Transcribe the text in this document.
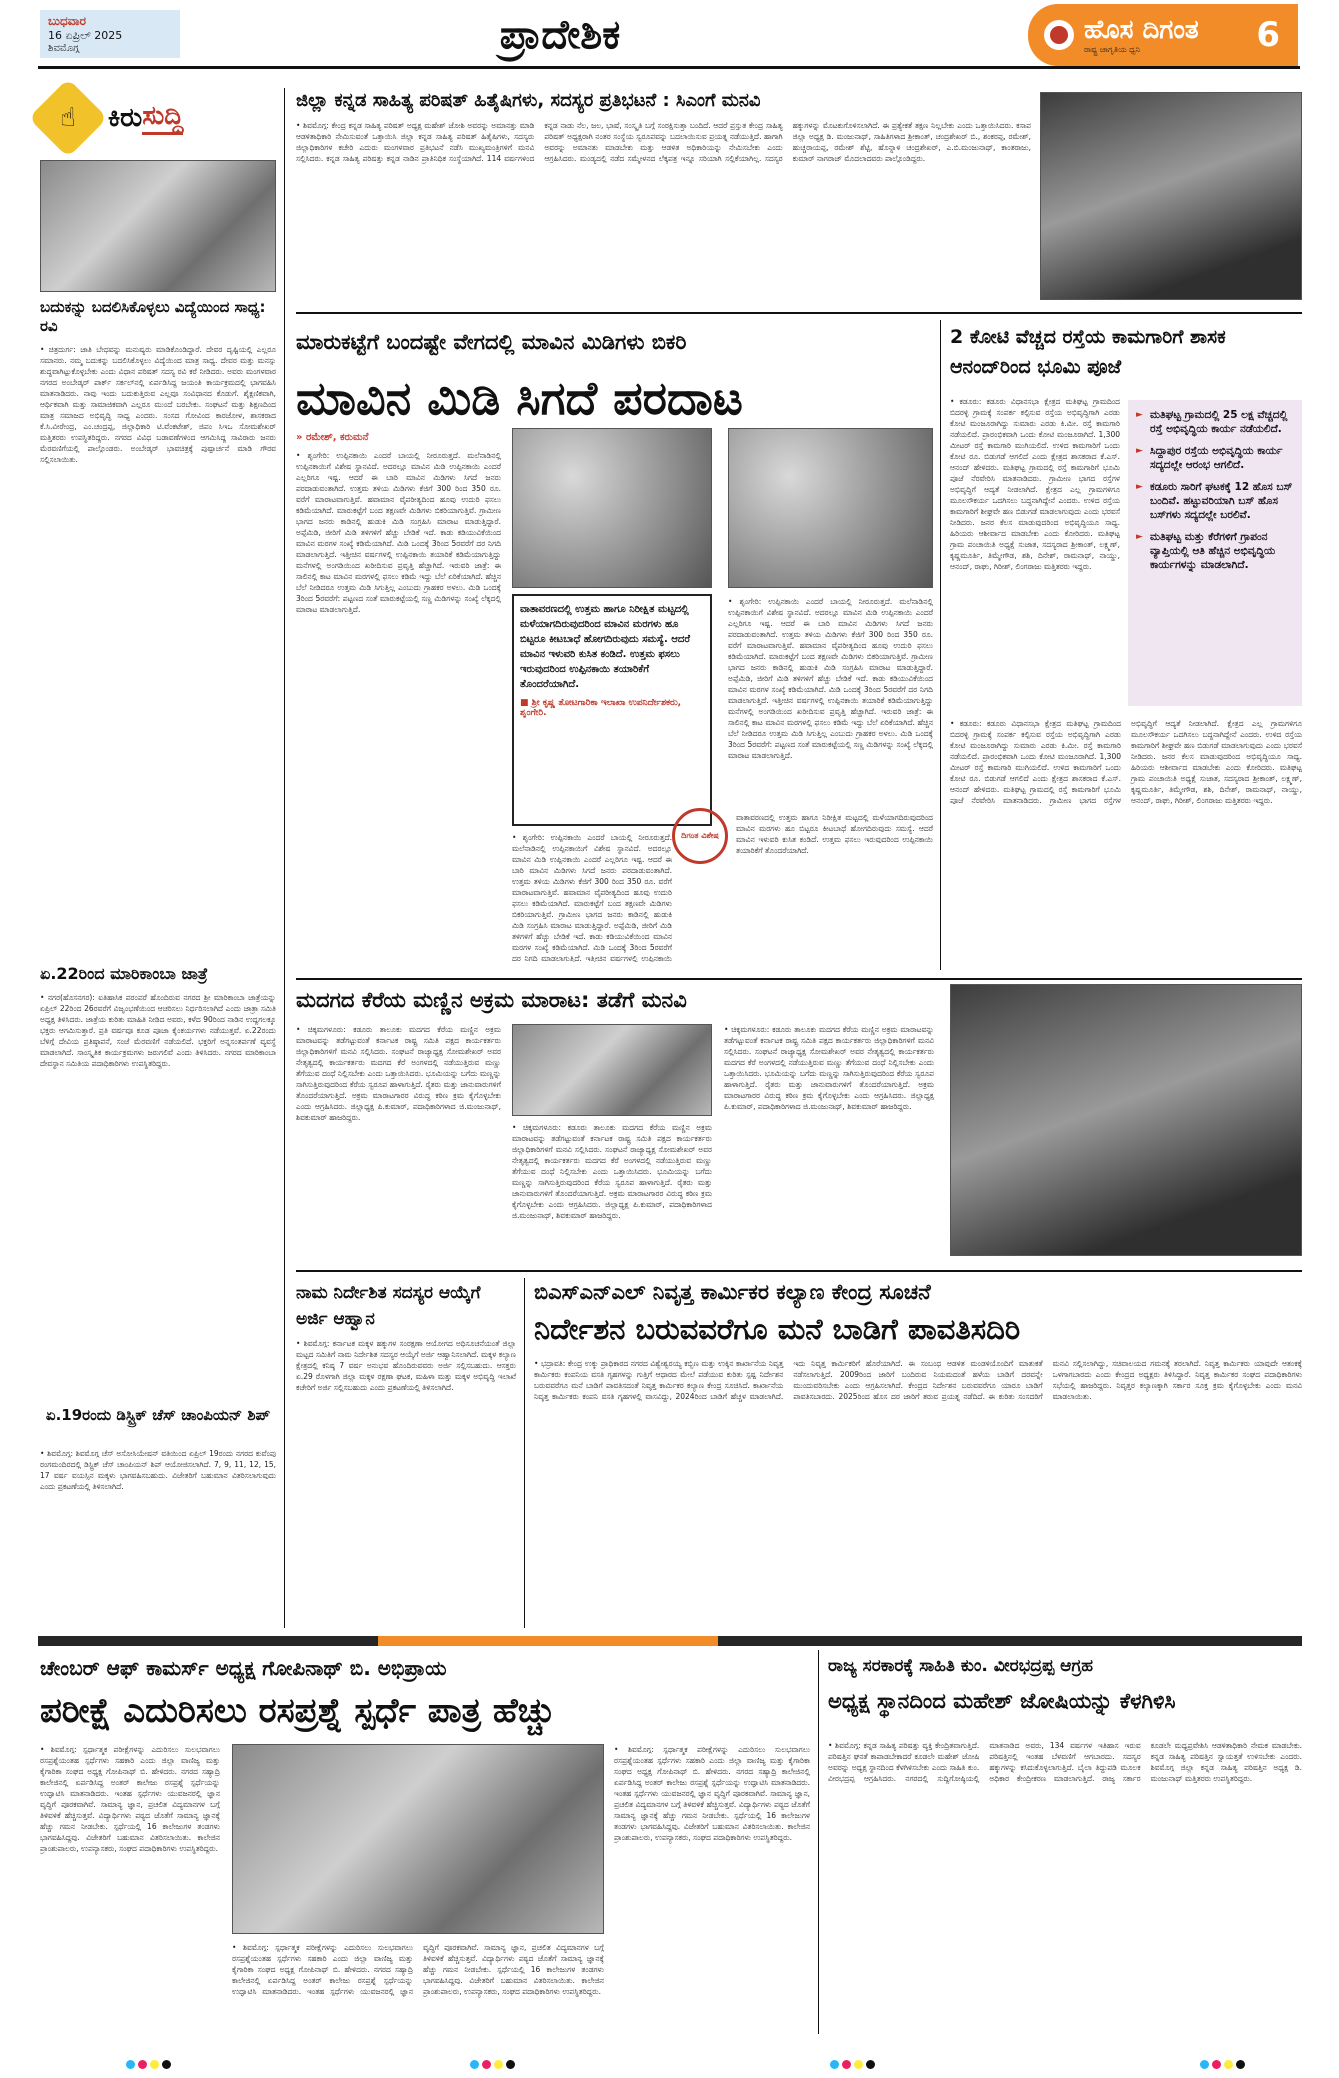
ಬುಧವಾರ
16 ಏಪ್ರಿಲ್ 2025
ಶಿವಮೊಗ್ಗ	ಪ್ರಾದೇಶಿಕ	ಹೊಸ ದಿಗಂತ
ರಾಷ್ಟ್ರ ಜಾಗೃತಿಯ ಧ್ವನಿ	6
☝ ಕಿರು ಸುದ್ದಿ
ಬದುಕನ್ನು ಬದಲಿಸಿಕೊಳ್ಳಲು ವಿದ್ಯೆಯಿಂದ ಸಾಧ್ಯ: ರವಿ
• ಚಿತ್ರದುರ್ಗ: ಜಾತಿ ಬೇಧವನ್ನು ಮನುಷ್ಯರು ಮಾಡಿಕೊಂಡಿದ್ದಾರೆ. ದೇವರ ದೃಷ್ಟಿಯಲ್ಲಿ ಎಲ್ಲರೂ ಸಮಾನರು. ನಮ್ಮ ಬದುಕನ್ನು ಬದಲಿಸಿಕೊಳ್ಳಲು ವಿದ್ಯೆಯಿಂದ ಮಾತ್ರ ಸಾಧ್ಯ. ದೇವರ ಮತ್ತು ಮನಸ್ಸು ಶುದ್ಧವಾಗಿಟ್ಟುಕೊಳ್ಳಬೇಕು ಎಂದು ವಿಧಾನ ಪರಿಷತ್ ಸದಸ್ಯ ರವಿ ಕರೆ ನೀಡಿದರು. ಅವರು ಮಂಗಳವಾರ ನಗರದ ಅಂಬೇಡ್ಕರ್ ಪಾರ್ಕ್ ಸರ್ಕಲ್‌ನಲ್ಲಿ ಏರ್ಪಡಿಸಿದ್ದ ಜಯಂತಿ ಕಾರ್ಯಕ್ರಮದಲ್ಲಿ ಭಾಗವಹಿಸಿ ಮಾತನಾಡಿದರು. ನಾವು ಇಂದು ಬದುಕುತ್ತಿರುವ ಎಲ್ಲವೂ ಸಂವಿಧಾನದ ಕೊಡುಗೆ. ಶೈಕ್ಷಣಿಕವಾಗಿ, ಆರ್ಥಿಕವಾಗಿ ಮತ್ತು ಸಾಮಾಜಿಕವಾಗಿ ಎಲ್ಲರೂ ಮುಂದೆ ಬರಬೇಕು. ಸಂಘಟನೆ ಮತ್ತು ಶಿಕ್ಷಣದಿಂದ ಮಾತ್ರ ಸಮಾಜದ ಅಭಿವೃದ್ಧಿ ಸಾಧ್ಯ ಎಂದರು. ಸಂಸದ ಗೋವಿಂದ ಕಾರಜೋಳ, ಶಾಸಕರಾದ ಕೆ.ಸಿ.ವೀರೇಂದ್ರ, ಎಂ.ಚಂದ್ರಪ್ಪ, ಜಿಲ್ಲಾಧಿಕಾರಿ ಟಿ.ವೆಂಕಟೇಶ್, ಜಿಪಂ ಸಿಇಒ ಸೋಮಶೇಖರ್ ಮತ್ತಿತರರು ಉಪಸ್ಥಿತರಿದ್ದರು. ನಗರದ ವಿವಿಧ ಬಡಾವಣೆಗಳಿಂದ ಆಗಮಿಸಿದ್ದ ಸಾವಿರಾರು ಜನರು ಮೆರವಣಿಗೆಯಲ್ಲಿ ಪಾಲ್ಗೊಂಡರು. ಅಂಬೇಡ್ಕರ್ ಭಾವಚಿತ್ರಕ್ಕೆ ಪುಷ್ಪಾರ್ಚನೆ ಮಾಡಿ ಗೌರವ ಸಲ್ಲಿಸಲಾಯಿತು.
ಏ.22ರಿಂದ ಮಾರಿಕಾಂಬಾ ಜಾತ್ರೆ
• ನಗರ(ಹೊಸನಗರ): ಐತಿಹಾಸಿಕ ಪರಂಪರೆ ಹೊಂದಿರುವ ನಗರದ ಶ್ರೀ ಮಾರಿಕಾಂಬಾ ಜಾತ್ರೆಯನ್ನು ಏಪ್ರಿಲ್ 22ರಿಂದ 26ರವರೆಗೆ ವಿಜೃಂಭಣೆಯಿಂದ ಆಚರಿಸಲು ನಿರ್ಧರಿಸಲಾಗಿದೆ ಎಂದು ಜಾತ್ರಾ ಸಮಿತಿ ಅಧ್ಯಕ್ಷ ತಿಳಿಸಿದರು. ಜಾತ್ರೆಯ ಕುರಿತು ಮಾಹಿತಿ ನೀಡಿದ ಅವರು, ಕಳೆದ 90ರಿಂದ ನಾಡಿನ ಉದ್ದಗಲಕ್ಕೂ ಭಕ್ತರು ಆಗಮಿಸುತ್ತಾರೆ. ಪ್ರತಿ ವರ್ಷವೂ ಕೂಡ ಪೂಜಾ ಕೈಂಕರ್ಯಗಳು ನಡೆಯುತ್ತವೆ. ಏ.22ರಂದು ಬೆಳಿಗ್ಗೆ ದೇವಿಯ ಪ್ರತಿಷ್ಠಾಪನೆ, ಸಂಜೆ ಮೆರವಣಿಗೆ ನಡೆಯಲಿದೆ. ಭಕ್ತರಿಗೆ ಅನ್ನಸಂತರ್ಪಣೆ ವ್ಯವಸ್ಥೆ ಮಾಡಲಾಗಿದೆ. ಸಾಂಸ್ಕೃತಿಕ ಕಾರ್ಯಕ್ರಮಗಳು ಜರುಗಲಿವೆ ಎಂದು ತಿಳಿಸಿದರು. ನಗರದ ಮಾರಿಕಾಂಬಾ ದೇವಸ್ಥಾನ ಸಮಿತಿಯ ಪದಾಧಿಕಾರಿಗಳು ಉಪಸ್ಥಿತರಿದ್ದರು.
ಏ.19ರಂದು ಡಿಸ್ಟ್ರಿಕ್ ಚೆಸ್ ಚಾಂಪಿಯನ್ ಶಿಪ್
• ಶಿವಮೊಗ್ಗ: ಶಿವಮೊಗ್ಗ ಚೆಸ್ ಅಸೋಸಿಯೇಷನ್ ವತಿಯಿಂದ ಏಪ್ರಿಲ್ 19ರಂದು ನಗರದ ಕುವೆಂಪು ರಂಗಮಂದಿರದಲ್ಲಿ ಡಿಸ್ಟ್ರಿಕ್ ಚೆಸ್ ಚಾಂಪಿಯನ್ ಶಿಪ್ ಆಯೋಜಿಸಲಾಗಿದೆ. 7, 9, 11, 12, 15, 17 ವರ್ಷ ವಯಸ್ಸಿನ ಮಕ್ಕಳು ಭಾಗವಹಿಸಬಹುದು. ವಿಜೇತರಿಗೆ ಬಹುಮಾನ ವಿತರಿಸಲಾಗುವುದು ಎಂದು ಪ್ರಕಟಣೆಯಲ್ಲಿ ತಿಳಿಸಲಾಗಿದೆ.
ಜಿಲ್ಲಾ ಕನ್ನಡ ಸಾಹಿತ್ಯ ಪರಿಷತ್ ಹಿತೈಷಿಗಳು, ಸದಸ್ಯರ ಪ್ರತಿಭಟನೆ : ಸಿಎಂಗೆ ಮನವಿ
• ಶಿವಮೊಗ್ಗ: ಕೇಂದ್ರ ಕನ್ನಡ ಸಾಹಿತ್ಯ ಪರಿಷತ್ ಅಧ್ಯಕ್ಷ ಮಹೇಶ್ ಜೋಶಿ ಅವರನ್ನು ಅಮಾನತ್ತು ಮಾಡಿ ಆಡಳಿತಾಧಿಕಾರಿ ನೇಮಿಸುವಂತೆ ಒತ್ತಾಯಿಸಿ ಜಿಲ್ಲಾ ಕನ್ನಡ ಸಾಹಿತ್ಯ ಪರಿಷತ್ ಹಿತೈಷಿಗಳು, ಸದಸ್ಯರು ಜಿಲ್ಲಾಧಿಕಾರಿಗಳ ಕಚೇರಿ ಎದುರು ಮಂಗಳವಾರ ಪ್ರತಿಭಟನೆ ನಡೆಸಿ ಮುಖ್ಯಮಂತ್ರಿಗಳಿಗೆ ಮನವಿ ಸಲ್ಲಿಸಿದರು. ಕನ್ನಡ ಸಾಹಿತ್ಯ ಪರಿಷತ್ತು ಕನ್ನಡ ನಾಡಿನ ಪ್ರಾತಿನಿಧಿಕ ಸಂಸ್ಥೆಯಾಗಿದೆ. 114 ವರ್ಷಗಳಿಂದ ಕನ್ನಡ ನಾಡು ನೆಲ, ಜಲ, ಭಾಷೆ, ಸಂಸ್ಕೃತಿ ಬಗ್ಗೆ ಸಂರಕ್ಷಿಸುತ್ತಾ ಬಂದಿದೆ. ಆದರೆ ಪ್ರಸ್ತುತ ಕೇಂದ್ರ ಸಾಹಿತ್ಯ ಪರಿಷತ್ ಅಧ್ಯಕ್ಷರಾಗಿ ನಂತರ ಸಂಸ್ಥೆಯ ಸ್ವರೂಪವನ್ನು ಬದಲಾಯಿಸುವ ಪ್ರಯತ್ನ ನಡೆಯುತ್ತಿದೆ. ಹಾಗಾಗಿ ಅವರನ್ನು ಅಮಾನತು ಮಾಡಬೇಕು ಮತ್ತು ಆಡಳಿತ ಅಧಿಕಾರಿಯನ್ನು ನೇಮಿಸಬೇಕು ಎಂದು ಆಗ್ರಹಿಸಿದರು. ಮಂಡ್ಯದಲ್ಲಿ ನಡೆದ ಸಮ್ಮೇಳನದ ಲೆಕ್ಕಪತ್ರ ಇನ್ನೂ ಸರಿಯಾಗಿ ಸಲ್ಲಿಕೆಯಾಗಿಲ್ಲ. ಸದಸ್ಯರ ಹಕ್ಕುಗಳನ್ನು ಮೊಟಕುಗೊಳಿಸಲಾಗಿದೆ. ಈ ಪ್ರತ್ಯೇಕತೆ ತಕ್ಷಣ ನಿಲ್ಲಬೇಕು ಎಂದು ಒತ್ತಾಯಿಸಿದರು. ಕಸಾಪ ಜಿಲ್ಲಾ ಅಧ್ಯಕ್ಷ ಡಿ. ಮಂಜುನಾಥ್, ಸಾಹಿತಿಗಳಾದ ಶ್ರೀಕಾಂತ್, ಚಂದ್ರಶೇಖರ್ ಬಿ., ಶಂಕರಪ್ಪ, ರಮೇಶ್, ಹುಚ್ಚರಾಯಪ್ಪ, ರಮೇಶ್ ಶೆಟ್ಟಿ, ಹೊನ್ನಾಳಿ ಚಂದ್ರಶೇಖರ್, ಎ.ಬಿ.ಮಂಜುನಾಥ್, ಕಾಂತರಾಜು, ಕುಮಾರ್ ನಾಗರಾಜ್ ಮೊದಲಾದವರು ಪಾಲ್ಗೊಂಡಿದ್ದರು.
ಮಾರುಕಟ್ಟೆಗೆ ಬಂದಷ್ಟೇ ವೇಗದಲ್ಲಿ ಮಾವಿನ ಮಿಡಿಗಳು ಬಿಕರಿ
ಮಾವಿನ ಮಿಡಿ ಸಿಗದೆ ಪರದಾಟ
» ರಮೇಶ್, ಕರುಮನೆ
• ಶೃಂಗೇರಿ: ಉಪ್ಪಿನಕಾಯಿ ಎಂದರೆ ಬಾಯಲ್ಲಿ ನೀರೂರುತ್ತದೆ. ಮಲೆನಾಡಿನಲ್ಲಿ ಉಪ್ಪಿನಕಾಯಿಗೆ ವಿಶೇಷ ಸ್ಥಾನವಿದೆ. ಅದರಲ್ಲೂ ಮಾವಿನ ಮಿಡಿ ಉಪ್ಪಿನಕಾಯಿ ಎಂದರೆ ಎಲ್ಲರಿಗೂ ಇಷ್ಟ. ಆದರೆ ಈ ಬಾರಿ ಮಾವಿನ ಮಿಡಿಗಳು ಸಿಗದೆ ಜನರು ಪರದಾಡುವಂತಾಗಿದೆ. ಉತ್ತಮ ತಳಿಯ ಮಿಡಿಗಳು ಕೆಜಿಗೆ 300 ರಿಂದ 350 ರೂ. ವರೆಗೆ ಮಾರಾಟವಾಗುತ್ತಿವೆ. ಹವಾಮಾನ ವೈಪರೀತ್ಯದಿಂದ ಹೂವು ಉದುರಿ ಫಸಲು ಕಡಿಮೆಯಾಗಿದೆ. ಮಾರುಕಟ್ಟೆಗೆ ಬಂದ ತಕ್ಷಣವೇ ಮಿಡಿಗಳು ಬಿಕರಿಯಾಗುತ್ತಿವೆ. ಗ್ರಾಮೀಣ ಭಾಗದ ಜನರು ಕಾಡಿನಲ್ಲಿ ಹುಡುಕಿ ಮಿಡಿ ಸಂಗ್ರಹಿಸಿ ಮಾರಾಟ ಮಾಡುತ್ತಿದ್ದಾರೆ. ಅಪ್ಪೆಮಿಡಿ, ಜೀರಿಗೆ ಮಿಡಿ ತಳಿಗಳಿಗೆ ಹೆಚ್ಚು ಬೇಡಿಕೆ ಇದೆ. ಕಾಡು ಕಡಿಯುವಿಕೆಯಿಂದ ಮಾವಿನ ಮರಗಳ ಸಂಖ್ಯೆ ಕಡಿಮೆಯಾಗಿದೆ. ಮಿಡಿ ಒಂದಕ್ಕೆ 3ರಿಂದ 5ರವರೆಗೆ ದರ ನಿಗದಿ ಮಾಡಲಾಗುತ್ತಿದೆ. ಇತ್ತೀಚಿನ ವರ್ಷಗಳಲ್ಲಿ ಉಪ್ಪಿನಕಾಯಿ ತಯಾರಿಕೆ ಕಡಿಮೆಯಾಗುತ್ತಿದ್ದು ಮನೆಗಳಲ್ಲಿ ಅಂಗಡಿಯಿಂದ ಖರೀದಿಸುವ ಪ್ರವೃತ್ತಿ ಹೆಚ್ಚಾಗಿದೆ. ಇರುವರಿ ಜಾತ್ರೆ: ಈ ಸಾಲಿನಲ್ಲಿ ಕಾಟ ಮಾವಿನ ಮರಗಳಲ್ಲಿ ಫಸಲು ಕಡಿಮೆ ಇದ್ದು ಬೆಲೆ ಏರಿಕೆಯಾಗಿದೆ. ಹೆಚ್ಚಿನ ಬೆಲೆ ನೀಡಿದರೂ ಉತ್ತಮ ಮಿಡಿ ಸಿಗುತ್ತಿಲ್ಲ ಎಂಬುದು ಗ್ರಾಹಕರ ಅಳಲು. ಮಿಡಿ ಒಂದಕ್ಕೆ 3ರಿಂದ 5ರವರೆಗೆ: ಪಟ್ಟಣದ ಸಂತೆ ಮಾರುಕಟ್ಟೆಯಲ್ಲಿ ಸಣ್ಣ ಮಿಡಿಗಳನ್ನು ಸಂಖ್ಯೆ ಲೆಕ್ಕದಲ್ಲಿ ಮಾರಾಟ ಮಾಡಲಾಗುತ್ತಿದೆ.	ವಾತಾವರಣದಲ್ಲಿ ಉತ್ತಮ ಹಾಗೂ ನಿರೀಕ್ಷಿತ ಮಟ್ಟದಲ್ಲಿ ಮಳೆಯಾಗದಿರುವುದರಿಂದ ಮಾವಿನ ಮರಗಳು ಹೂ ಬಿಟ್ಟರೂ ಕೀಟಬಾಧೆ ಹೋಗದಿರುವುದು ಸಮಸ್ಯೆ. ಆದರೆ ಮಾವಿನ ಇಳುವರಿ ಕುಸಿತ ಕಂಡಿದೆ. ಉತ್ತಮ ಫಸಲು ಇರುವುದರಿಂದ ಉಪ್ಪಿನಕಾಯಿ ತಯಾರಿಕೆಗೆ ತೊಂದರೆಯಾಗಿದೆ.
■ ಶ್ರೀ ಕೃಷ್ಣ ತೋಟಗಾರಿಕಾ ಇಲಾಖಾ ಉಪನಿರ್ದೇಶಕರು, ಶೃಂಗೇರಿ.
• ಶೃಂಗೇರಿ: ಉಪ್ಪಿನಕಾಯಿ ಎಂದರೆ ಬಾಯಲ್ಲಿ ನೀರೂರುತ್ತದೆ. ಮಲೆನಾಡಿನಲ್ಲಿ ಉಪ್ಪಿನಕಾಯಿಗೆ ವಿಶೇಷ ಸ್ಥಾನವಿದೆ. ಅದರಲ್ಲೂ ಮಾವಿನ ಮಿಡಿ ಉಪ್ಪಿನಕಾಯಿ ಎಂದರೆ ಎಲ್ಲರಿಗೂ ಇಷ್ಟ. ಆದರೆ ಈ ಬಾರಿ ಮಾವಿನ ಮಿಡಿಗಳು ಸಿಗದೆ ಜನರು ಪರದಾಡುವಂತಾಗಿದೆ. ಉತ್ತಮ ತಳಿಯ ಮಿಡಿಗಳು ಕೆಜಿಗೆ 300 ರಿಂದ 350 ರೂ. ವರೆಗೆ ಮಾರಾಟವಾಗುತ್ತಿವೆ. ಹವಾಮಾನ ವೈಪರೀತ್ಯದಿಂದ ಹೂವು ಉದುರಿ ಫಸಲು ಕಡಿಮೆಯಾಗಿದೆ. ಮಾರುಕಟ್ಟೆಗೆ ಬಂದ ತಕ್ಷಣವೇ ಮಿಡಿಗಳು ಬಿಕರಿಯಾಗುತ್ತಿವೆ. ಗ್ರಾಮೀಣ ಭಾಗದ ಜನರು ಕಾಡಿನಲ್ಲಿ ಹುಡುಕಿ ಮಿಡಿ ಸಂಗ್ರಹಿಸಿ ಮಾರಾಟ ಮಾಡುತ್ತಿದ್ದಾರೆ. ಅಪ್ಪೆಮಿಡಿ, ಜೀರಿಗೆ ಮಿಡಿ ತಳಿಗಳಿಗೆ ಹೆಚ್ಚು ಬೇಡಿಕೆ ಇದೆ. ಕಾಡು ಕಡಿಯುವಿಕೆಯಿಂದ ಮಾವಿನ ಮರಗಳ ಸಂಖ್ಯೆ ಕಡಿಮೆಯಾಗಿದೆ. ಮಿಡಿ ಒಂದಕ್ಕೆ 3ರಿಂದ 5ರವರೆಗೆ ದರ ನಿಗದಿ ಮಾಡಲಾಗುತ್ತಿದೆ. ಇತ್ತೀಚಿನ ವರ್ಷಗಳಲ್ಲಿ ಉಪ್ಪಿನಕಾಯಿ ತಯಾರಿಕೆ ಕಡಿಮೆಯಾಗುತ್ತಿದ್ದು ಮನೆಗಳಲ್ಲಿ ಅಂಗಡಿಯಿಂದ ಖರೀದಿಸುವ ಪ್ರವೃತ್ತಿ ಹೆಚ್ಚಾಗಿದೆ. ಇರುವರಿ ಜಾತ್ರೆ: ಈ ಸಾಲಿನಲ್ಲಿ ಕಾಟ ಮಾವಿನ ಮರಗಳಲ್ಲಿ ಫಸಲು ಕಡಿಮೆ ಇದ್ದು ಬೆಲೆ ಏರಿಕೆಯಾಗಿದೆ. ಹೆಚ್ಚಿನ ಬೆಲೆ ನೀಡಿದರೂ ಉತ್ತಮ ಮಿಡಿ ಸಿಗುತ್ತಿಲ್ಲ ಎಂಬುದು ಗ್ರಾಹಕರ ಅಳಲು. ಮಿಡಿ ಒಂದಕ್ಕೆ 3ರಿಂದ 5ರವರೆಗೆ: ಪಟ್ಟಣದ ಸಂತೆ ಮಾರುಕಟ್ಟೆಯಲ್ಲಿ ಸಣ್ಣ ಮಿಡಿಗಳನ್ನು ಸಂಖ್ಯೆ ಲೆಕ್ಕದಲ್ಲಿ ಮಾರಾಟ ಮಾಡಲಾಗುತ್ತಿದೆ.
ದಿಗಂತ ವಿಶೇಷ
• ಶೃಂಗೇರಿ: ಉಪ್ಪಿನಕಾಯಿ ಎಂದರೆ ಬಾಯಲ್ಲಿ ನೀರೂರುತ್ತದೆ. ಮಲೆನಾಡಿನಲ್ಲಿ ಉಪ್ಪಿನಕಾಯಿಗೆ ವಿಶೇಷ ಸ್ಥಾನವಿದೆ. ಅದರಲ್ಲೂ ಮಾವಿನ ಮಿಡಿ ಉಪ್ಪಿನಕಾಯಿ ಎಂದರೆ ಎಲ್ಲರಿಗೂ ಇಷ್ಟ. ಆದರೆ ಈ ಬಾರಿ ಮಾವಿನ ಮಿಡಿಗಳು ಸಿಗದೆ ಜನರು ಪರದಾಡುವಂತಾಗಿದೆ. ಉತ್ತಮ ತಳಿಯ ಮಿಡಿಗಳು ಕೆಜಿಗೆ 300 ರಿಂದ 350 ರೂ. ವರೆಗೆ ಮಾರಾಟವಾಗುತ್ತಿವೆ. ಹವಾಮಾನ ವೈಪರೀತ್ಯದಿಂದ ಹೂವು ಉದುರಿ ಫಸಲು ಕಡಿಮೆಯಾಗಿದೆ. ಮಾರುಕಟ್ಟೆಗೆ ಬಂದ ತಕ್ಷಣವೇ ಮಿಡಿಗಳು ಬಿಕರಿಯಾಗುತ್ತಿವೆ. ಗ್ರಾಮೀಣ ಭಾಗದ ಜನರು ಕಾಡಿನಲ್ಲಿ ಹುಡುಕಿ ಮಿಡಿ ಸಂಗ್ರಹಿಸಿ ಮಾರಾಟ ಮಾಡುತ್ತಿದ್ದಾರೆ. ಅಪ್ಪೆಮಿಡಿ, ಜೀರಿಗೆ ಮಿಡಿ ತಳಿಗಳಿಗೆ ಹೆಚ್ಚು ಬೇಡಿಕೆ ಇದೆ. ಕಾಡು ಕಡಿಯುವಿಕೆಯಿಂದ ಮಾವಿನ ಮರಗಳ ಸಂಖ್ಯೆ ಕಡಿಮೆಯಾಗಿದೆ. ಮಿಡಿ ಒಂದಕ್ಕೆ 3ರಿಂದ 5ರವರೆಗೆ ದರ ನಿಗದಿ ಮಾಡಲಾಗುತ್ತಿದೆ. ಇತ್ತೀಚಿನ ವರ್ಷಗಳಲ್ಲಿ ಉಪ್ಪಿನಕಾಯಿ
ವಾತಾವರಣದಲ್ಲಿ ಉತ್ತಮ ಹಾಗೂ ನಿರೀಕ್ಷಿತ ಮಟ್ಟದಲ್ಲಿ ಮಳೆಯಾಗದಿರುವುದರಿಂದ ಮಾವಿನ ಮರಗಳು ಹೂ ಬಿಟ್ಟರೂ ಕೀಟಬಾಧೆ ಹೋಗದಿರುವುದು ಸಮಸ್ಯೆ. ಆದರೆ ಮಾವಿನ ಇಳುವರಿ ಕುಸಿತ ಕಂಡಿದೆ. ಉತ್ತಮ ಫಸಲು ಇರುವುದರಿಂದ ಉಪ್ಪಿನಕಾಯಿ ತಯಾರಿಕೆಗೆ ತೊಂದರೆಯಾಗಿದೆ.
2 ಕೋಟಿ ವೆಚ್ಚದ ರಸ್ತೆಯ ಕಾಮಗಾರಿಗೆ ಶಾಸಕ ಆನಂದ್‌ರಿಂದ ಭೂಮಿ ಪೂಜೆ
• ಕಡೂರು: ಕಡೂರು ವಿಧಾನಸಭಾ ಕ್ಷೇತ್ರದ ಮತಿಘಟ್ಟ ಗ್ರಾಮದಿಂದ ಬಿದರಳ್ಳಿ ಗ್ರಾಮಕ್ಕೆ ಸಂಪರ್ಕ ಕಲ್ಪಿಸುವ ರಸ್ತೆಯ ಅಭಿವೃದ್ಧಿಗಾಗಿ ಎರಡು ಕೋಟಿ ಮಂಜೂರಾಗಿದ್ದು ಸುಮಾರು ಎರಡು ಕಿ.ಮೀ. ರಸ್ತೆ ಕಾಮಗಾರಿ ನಡೆಯಲಿದೆ. ಪ್ರಾರಂಭಿಕವಾಗಿ ಒಂದು ಕೋಟಿ ಮಂಜೂರಾಗಿದೆ. 1,300 ಮೀಟರ್ ರಸ್ತೆ ಕಾಮಗಾರಿ ಮುಗಿಯಲಿದೆ. ಉಳಿದ ಕಾಮಗಾರಿಗೆ ಒಂದು ಕೋಟಿ ರೂ. ಬಿಡುಗಡೆ ಆಗಲಿದೆ ಎಂದು ಕ್ಷೇತ್ರದ ಶಾಸಕರಾದ ಕೆ.ಎಸ್. ಆನಂದ್ ಹೇಳಿದರು. ಮತಿಘಟ್ಟ ಗ್ರಾಮದಲ್ಲಿ ರಸ್ತೆ ಕಾಮಗಾರಿಗೆ ಭೂಮಿ ಪೂಜೆ ನೆರವೇರಿಸಿ ಮಾತನಾಡಿದರು. ಗ್ರಾಮೀಣ ಭಾಗದ ರಸ್ತೆಗಳ ಅಭಿವೃದ್ಧಿಗೆ ಆದ್ಯತೆ ನೀಡಲಾಗಿದೆ. ಕ್ಷೇತ್ರದ ಎಲ್ಲ ಗ್ರಾಮಗಳಿಗೂ ಮೂಲಸೌಕರ್ಯ ಒದಗಿಸಲು ಬದ್ಧನಾಗಿದ್ದೇನೆ ಎಂದರು. ಉಳಿದ ರಸ್ತೆಯ ಕಾಮಗಾರಿಗೆ ಶೀಘ್ರವೇ ಹಣ ಬಿಡುಗಡೆ ಮಾಡಲಾಗುವುದು ಎಂದು ಭರವಸೆ ನೀಡಿದರು. ಜನರ ಕೆಲಸ ಮಾಡುವುದರಿಂದ ಅಭಿವೃದ್ಧಿಯೂ ಸಾಧ್ಯ. ಹಿರಿಯರು ಆಶೀರ್ವಾದ ಮಾಡಬೇಕು ಎಂದು ಕೋರಿದರು. ಮತಿಘಟ್ಟ ಗ್ರಾಮ ಪಂಚಾಯಿತಿ ಅಧ್ಯಕ್ಷೆ ಸುಜಾತ, ಸದಸ್ಯರಾದ ಶ್ರೀಕಾಂತ್, ಲಕ್ಷ್ಮಣ್, ಕೃಷ್ಣಮೂರ್ತಿ, ತಿಮ್ಮೇಗೌಡ, ಶಶಿ, ದಿನೇಶ್, ರಾಮನಾಥ್, ನಾಯ್ಡು, ಆನಂದ್, ರಾಘು, ಗಿರೀಶ್, ಲಿಂಗರಾಜು ಮತ್ತಿತರರು ಇದ್ದರು.
► ಮತಿಘಟ್ಟ ಗ್ರಾಮದಲ್ಲಿ 25 ಲಕ್ಷ ವೆಚ್ಚದಲ್ಲಿ ರಸ್ತೆ ಅಭಿವೃದ್ಧಿಯ ಕಾರ್ಯ ನಡೆಯಲಿದೆ.
► ಸಿದ್ದಾಪುರ ರಸ್ತೆಯ ಅಭಿವೃದ್ಧಿಯ ಕಾರ್ಯ ಸದ್ಯದಲ್ಲೇ ಆರಂಭ ಆಗಲಿದೆ.
► ಕಡೂರು ಸಾರಿಗೆ ಘಟಕಕ್ಕೆ 12 ಹೊಸ ಬಸ್ ಬಂದಿವೆ. ಹಟ್ಟುವರಿಯಾಗಿ ಬಸ್ ಹೊಸ ಬಸ್‌ಗಳು ಸದ್ಯದಲ್ಲೇ ಬರಲಿವೆ.
► ಮತಿಘಟ್ಟ ಮತ್ತು ಕೆರೆಗಳಿಗೆ ಗ್ರಾಪಂನ ವ್ಯಾಪ್ತಿಯಲ್ಲಿ ಆತಿ ಹೆಚ್ಚಿನ ಅಭಿವೃದ್ಧಿಯ ಕಾರ್ಯಗಳನ್ನು ಮಾಡಲಾಗಿದೆ.
• ಕಡೂರು: ಕಡೂರು ವಿಧಾನಸಭಾ ಕ್ಷೇತ್ರದ ಮತಿಘಟ್ಟ ಗ್ರಾಮದಿಂದ ಬಿದರಳ್ಳಿ ಗ್ರಾಮಕ್ಕೆ ಸಂಪರ್ಕ ಕಲ್ಪಿಸುವ ರಸ್ತೆಯ ಅಭಿವೃದ್ಧಿಗಾಗಿ ಎರಡು ಕೋಟಿ ಮಂಜೂರಾಗಿದ್ದು ಸುಮಾರು ಎರಡು ಕಿ.ಮೀ. ರಸ್ತೆ ಕಾಮಗಾರಿ ನಡೆಯಲಿದೆ. ಪ್ರಾರಂಭಿಕವಾಗಿ ಒಂದು ಕೋಟಿ ಮಂಜೂರಾಗಿದೆ. 1,300 ಮೀಟರ್ ರಸ್ತೆ ಕಾಮಗಾರಿ ಮುಗಿಯಲಿದೆ. ಉಳಿದ ಕಾಮಗಾರಿಗೆ ಒಂದು ಕೋಟಿ ರೂ. ಬಿಡುಗಡೆ ಆಗಲಿದೆ ಎಂದು ಕ್ಷೇತ್ರದ ಶಾಸಕರಾದ ಕೆ.ಎಸ್. ಆನಂದ್ ಹೇಳಿದರು. ಮತಿಘಟ್ಟ ಗ್ರಾಮದಲ್ಲಿ ರಸ್ತೆ ಕಾಮಗಾರಿಗೆ ಭೂಮಿ ಪೂಜೆ ನೆರವೇರಿಸಿ ಮಾತನಾಡಿದರು. ಗ್ರಾಮೀಣ ಭಾಗದ ರಸ್ತೆಗಳ ಅಭಿವೃದ್ಧಿಗೆ ಆದ್ಯತೆ ನೀಡಲಾಗಿದೆ. ಕ್ಷೇತ್ರದ ಎಲ್ಲ ಗ್ರಾಮಗಳಿಗೂ ಮೂಲಸೌಕರ್ಯ ಒದಗಿಸಲು ಬದ್ಧನಾಗಿದ್ದೇನೆ ಎಂದರು. ಉಳಿದ ರಸ್ತೆಯ ಕಾಮಗಾರಿಗೆ ಶೀಘ್ರವೇ ಹಣ ಬಿಡುಗಡೆ ಮಾಡಲಾಗುವುದು ಎಂದು ಭರವಸೆ ನೀಡಿದರು. ಜನರ ಕೆಲಸ ಮಾಡುವುದರಿಂದ ಅಭಿವೃದ್ಧಿಯೂ ಸಾಧ್ಯ. ಹಿರಿಯರು ಆಶೀರ್ವಾದ ಮಾಡಬೇಕು ಎಂದು ಕೋರಿದರು. ಮತಿಘಟ್ಟ ಗ್ರಾಮ ಪಂಚಾಯಿತಿ ಅಧ್ಯಕ್ಷೆ ಸುಜಾತ, ಸದಸ್ಯರಾದ ಶ್ರೀಕಾಂತ್, ಲಕ್ಷ್ಮಣ್, ಕೃಷ್ಣಮೂರ್ತಿ, ತಿಮ್ಮೇಗೌಡ, ಶಶಿ, ದಿನೇಶ್, ರಾಮನಾಥ್, ನಾಯ್ಡು, ಆನಂದ್, ರಾಘು, ಗಿರೀಶ್, ಲಿಂಗರಾಜು ಮತ್ತಿತರರು ಇದ್ದರು.
ಮದಗದ ಕೆರೆಯ ಮಣ್ಣಿನ ಅಕ್ರಮ ಮಾರಾಟ: ತಡೆಗೆ ಮನವಿ
• ಚಿಕ್ಕಮಗಳೂರು: ಕಡೂರು ತಾಲೂಕು ಮದಗದ ಕೆರೆಯ ಮಣ್ಣಿನ ಅಕ್ರಮ ಮಾರಾಟವನ್ನು ತಡೆಗಟ್ಟುವಂತೆ ಕರ್ನಾಟಕ ರಾಷ್ಟ್ರ ಸಮಿತಿ ಪಕ್ಷದ ಕಾರ್ಯಕರ್ತರು ಜಿಲ್ಲಾಧಿಕಾರಿಗಳಿಗೆ ಮನವಿ ಸಲ್ಲಿಸಿದರು. ಸಂಘಟನೆ ರಾಜ್ಯಾಧ್ಯಕ್ಷ ಸೋಮಶೇಖರ್ ಅವರ ನೇತೃತ್ವದಲ್ಲಿ ಕಾರ್ಯಕರ್ತರು ಮದಗದ ಕೆರೆ ಅಂಗಳದಲ್ಲಿ ನಡೆಯುತ್ತಿರುವ ಮಣ್ಣು ತೆಗೆಯುವ ದಂಧೆ ನಿಲ್ಲಿಸಬೇಕು ಎಂದು ಒತ್ತಾಯಿಸಿದರು. ಭೂಮಿಯನ್ನು ಬಗೆದು ಮಣ್ಣನ್ನು ಸಾಗಿಸುತ್ತಿರುವುದರಿಂದ ಕೆರೆಯ ಸ್ವರೂಪ ಹಾಳಾಗುತ್ತಿದೆ. ರೈತರು ಮತ್ತು ಜಾನುವಾರುಗಳಿಗೆ ತೊಂದರೆಯಾಗುತ್ತಿದೆ. ಅಕ್ರಮ ಮಾರಾಟಗಾರರ ವಿರುದ್ಧ ಕಠಿಣ ಕ್ರಮ ಕೈಗೊಳ್ಳಬೇಕು ಎಂದು ಆಗ್ರಹಿಸಿದರು. ಜಿಲ್ಲಾಧ್ಯಕ್ಷ ಪಿ.ಕುಮಾರ್, ಪದಾಧಿಕಾರಿಗಳಾದ ಜಿ.ಮಂಜುನಾಥ್, ಶಿವಕುಮಾರ್ ಹಾಜರಿದ್ದರು.
• ಚಿಕ್ಕಮಗಳೂರು: ಕಡೂರು ತಾಲೂಕು ಮದಗದ ಕೆರೆಯ ಮಣ್ಣಿನ ಅಕ್ರಮ ಮಾರಾಟವನ್ನು ತಡೆಗಟ್ಟುವಂತೆ ಕರ್ನಾಟಕ ರಾಷ್ಟ್ರ ಸಮಿತಿ ಪಕ್ಷದ ಕಾರ್ಯಕರ್ತರು ಜಿಲ್ಲಾಧಿಕಾರಿಗಳಿಗೆ ಮನವಿ ಸಲ್ಲಿಸಿದರು. ಸಂಘಟನೆ ರಾಜ್ಯಾಧ್ಯಕ್ಷ ಸೋಮಶೇಖರ್ ಅವರ ನೇತೃತ್ವದಲ್ಲಿ ಕಾರ್ಯಕರ್ತರು ಮದಗದ ಕೆರೆ ಅಂಗಳದಲ್ಲಿ ನಡೆಯುತ್ತಿರುವ ಮಣ್ಣು ತೆಗೆಯುವ ದಂಧೆ ನಿಲ್ಲಿಸಬೇಕು ಎಂದು ಒತ್ತಾಯಿಸಿದರು. ಭೂಮಿಯನ್ನು ಬಗೆದು ಮಣ್ಣನ್ನು ಸಾಗಿಸುತ್ತಿರುವುದರಿಂದ ಕೆರೆಯ ಸ್ವರೂಪ ಹಾಳಾಗುತ್ತಿದೆ. ರೈತರು ಮತ್ತು ಜಾನುವಾರುಗಳಿಗೆ ತೊಂದರೆಯಾಗುತ್ತಿದೆ. ಅಕ್ರಮ ಮಾರಾಟಗಾರರ ವಿರುದ್ಧ ಕಠಿಣ ಕ್ರಮ ಕೈಗೊಳ್ಳಬೇಕು ಎಂದು ಆಗ್ರಹಿಸಿದರು. ಜಿಲ್ಲಾಧ್ಯಕ್ಷ ಪಿ.ಕುಮಾರ್, ಪದಾಧಿಕಾರಿಗಳಾದ ಜಿ.ಮಂಜುನಾಥ್, ಶಿವಕುಮಾರ್ ಹಾಜರಿದ್ದರು.
• ಚಿಕ್ಕಮಗಳೂರು: ಕಡೂರು ತಾಲೂಕು ಮದಗದ ಕೆರೆಯ ಮಣ್ಣಿನ ಅಕ್ರಮ ಮಾರಾಟವನ್ನು ತಡೆಗಟ್ಟುವಂತೆ ಕರ್ನಾಟಕ ರಾಷ್ಟ್ರ ಸಮಿತಿ ಪಕ್ಷದ ಕಾರ್ಯಕರ್ತರು ಜಿಲ್ಲಾಧಿಕಾರಿಗಳಿಗೆ ಮನವಿ ಸಲ್ಲಿಸಿದರು. ಸಂಘಟನೆ ರಾಜ್ಯಾಧ್ಯಕ್ಷ ಸೋಮಶೇಖರ್ ಅವರ ನೇತೃತ್ವದಲ್ಲಿ ಕಾರ್ಯಕರ್ತರು ಮದಗದ ಕೆರೆ ಅಂಗಳದಲ್ಲಿ ನಡೆಯುತ್ತಿರುವ ಮಣ್ಣು ತೆಗೆಯುವ ದಂಧೆ ನಿಲ್ಲಿಸಬೇಕು ಎಂದು ಒತ್ತಾಯಿಸಿದರು. ಭೂಮಿಯನ್ನು ಬಗೆದು ಮಣ್ಣನ್ನು ಸಾಗಿಸುತ್ತಿರುವುದರಿಂದ ಕೆರೆಯ ಸ್ವರೂಪ ಹಾಳಾಗುತ್ತಿದೆ. ರೈತರು ಮತ್ತು ಜಾನುವಾರುಗಳಿಗೆ ತೊಂದರೆಯಾಗುತ್ತಿದೆ. ಅಕ್ರಮ ಮಾರಾಟಗಾರರ ವಿರುದ್ಧ ಕಠಿಣ ಕ್ರಮ ಕೈಗೊಳ್ಳಬೇಕು ಎಂದು ಆಗ್ರಹಿಸಿದರು. ಜಿಲ್ಲಾಧ್ಯಕ್ಷ ಪಿ.ಕುಮಾರ್, ಪದಾಧಿಕಾರಿಗಳಾದ ಜಿ.ಮಂಜುನಾಥ್, ಶಿವಕುಮಾರ್ ಹಾಜರಿದ್ದರು.
ನಾಮ ನಿರ್ದೇಶಿತ ಸದಸ್ಯರ ಆಯ್ಕೆಗೆ ಅರ್ಜಿ ಆಹ್ವಾನ
• ಶಿವಮೊಗ್ಗ: ಕರ್ನಾಟಕ ಮಕ್ಕಳ ಹಕ್ಕುಗಳ ಸಂರಕ್ಷಣಾ ಆಯೋಗದ ಅಧಿಸೂಚನೆಯಂತೆ ಜಿಲ್ಲಾ ಮಟ್ಟದ ಸಮಿತಿಗೆ ನಾಮ ನಿರ್ದೇಶಿತ ಸದಸ್ಯರ ಆಯ್ಕೆಗೆ ಅರ್ಜಿ ಆಹ್ವಾನಿಸಲಾಗಿದೆ. ಮಕ್ಕಳ ಕಲ್ಯಾಣ ಕ್ಷೇತ್ರದಲ್ಲಿ ಕನಿಷ್ಠ 7 ವರ್ಷ ಅನುಭವ ಹೊಂದಿರುವವರು ಅರ್ಜಿ ಸಲ್ಲಿಸಬಹುದು. ಆಸಕ್ತರು ಏ.29 ರೊಳಗಾಗಿ ಜಿಲ್ಲಾ ಮಕ್ಕಳ ರಕ್ಷಣಾ ಘಟಕ, ಮಹಿಳಾ ಮತ್ತು ಮಕ್ಕಳ ಅಭಿವೃದ್ಧಿ ಇಲಾಖೆ ಕಚೇರಿಗೆ ಅರ್ಜಿ ಸಲ್ಲಿಸಬಹುದು ಎಂದು ಪ್ರಕಟಣೆಯಲ್ಲಿ ತಿಳಿಸಲಾಗಿದೆ.
ಬಿಎಸ್‌ಎನ್‌ಎಲ್ ನಿವೃತ್ತ ಕಾರ್ಮಿಕರ ಕಲ್ಯಾಣ ಕೇಂದ್ರ ಸೂಚನೆ
ನಿರ್ದೇಶನ ಬರುವವರೆಗೂ ಮನೆ ಬಾಡಿಗೆ ಪಾವತಿಸದಿರಿ
• ಭದ್ರಾವತಿ: ಕೇಂದ್ರ ಉಕ್ಕು ಪ್ರಾಧಿಕಾರದ ನಗರದ ವಿಶ್ವೇಶ್ವರಯ್ಯ ಕಬ್ಬಿಣ ಮತ್ತು ಉಕ್ಕಿನ ಕಾರ್ಖಾನೆಯ ನಿವೃತ್ತ ಕಾರ್ಮಿಕರು ಕಂಪನಿಯ ವಸತಿ ಗೃಹಗಳನ್ನು ಗುತ್ತಿಗೆ ಆಧಾರದ ಮೇಲೆ ಪಡೆಯುವ ಕುರಿತು ಸ್ಪಷ್ಟ ನಿರ್ದೇಶನ ಬರುವವರೆಗೂ ಮನೆ ಬಾಡಿಗೆ ಪಾವತಿಸದಂತೆ ನಿವೃತ್ತ ಕಾರ್ಮಿಕರ ಕಲ್ಯಾಣ ಕೇಂದ್ರ ಸೂಚಿಸಿದೆ. ಕಾರ್ಖಾನೆಯ ನಿವೃತ್ತ ಕಾರ್ಮಿಕರು ಕಂಪನಿ ವಸತಿ ಗೃಹಗಳಲ್ಲಿ ವಾಸವಿದ್ದು, 2024ರಿಂದ ಬಾಡಿಗೆ ಹೆಚ್ಚಳ ಮಾಡಲಾಗಿದೆ. ಇದು ನಿವೃತ್ತ ಕಾರ್ಮಿಕರಿಗೆ ಹೊರೆಯಾಗಿದೆ. ಈ ಸಂಬಂಧ ಆಡಳಿತ ಮಂಡಳಿಯೊಂದಿಗೆ ಮಾತುಕತೆ ನಡೆಸಲಾಗುತ್ತಿದೆ. 2009ರಿಂದ ಜಾರಿಗೆ ಬಂದಿರುವ ನಿಯಮದಂತೆ ಹಳೆಯ ಬಾಡಿಗೆ ದರವನ್ನೇ ಮುಂದುವರಿಸಬೇಕು ಎಂದು ಆಗ್ರಹಿಸಲಾಗಿದೆ. ಕೇಂದ್ರದ ನಿರ್ದೇಶನ ಬರುವವರೆಗೂ ಯಾರೂ ಬಾಡಿಗೆ ಪಾವತಿಸಬಾರದು. 2025ರಿಂದ ಹೊಸ ದರ ಜಾರಿಗೆ ತರುವ ಪ್ರಯತ್ನ ನಡೆದಿದೆ. ಈ ಕುರಿತು ಸಂಸದರಿಗೆ ಮನವಿ ಸಲ್ಲಿಸಲಾಗಿದ್ದು, ಸಚಿವಾಲಯದ ಗಮನಕ್ಕೆ ತರಲಾಗಿದೆ. ನಿವೃತ್ತ ಕಾರ್ಮಿಕರು ಯಾವುದೇ ಆತಂಕಕ್ಕೆ ಒಳಗಾಗಬಾರದು ಎಂದು ಕೇಂದ್ರದ ಅಧ್ಯಕ್ಷರು ತಿಳಿಸಿದ್ದಾರೆ. ನಿವೃತ್ತ ಕಾರ್ಮಿಕರ ಸಂಘದ ಪದಾಧಿಕಾರಿಗಳು ಸಭೆಯಲ್ಲಿ ಹಾಜರಿದ್ದರು. ನಿವೃತ್ತರ ಕಲ್ಯಾಣಕ್ಕಾಗಿ ಸರ್ಕಾರ ಸೂಕ್ತ ಕ್ರಮ ಕೈಗೊಳ್ಳಬೇಕು ಎಂದು ಮನವಿ ಮಾಡಲಾಯಿತು.
ಚೇಂಬರ್ ಆಫ್ ಕಾಮರ್ಸ್ ಅಧ್ಯಕ್ಷ ಗೋಪಿನಾಥ್ ಬಿ. ಅಭಿಪ್ರಾಯ
ಪರೀಕ್ಷೆ ಎದುರಿಸಲು ರಸಪ್ರಶ್ನೆ ಸ್ಪರ್ಧೆ ಪಾತ್ರ ಹೆಚ್ಚು
• ಶಿವಮೊಗ್ಗ: ಸ್ಪರ್ಧಾತ್ಮಕ ಪರೀಕ್ಷೆಗಳನ್ನು ಎದುರಿಸಲು ಸುಲಭವಾಗಲು ರಸಪ್ರಶ್ನೆಯಂತಹ ಸ್ಪರ್ಧೆಗಳು ಸಹಕಾರಿ ಎಂದು ಜಿಲ್ಲಾ ವಾಣಿಜ್ಯ ಮತ್ತು ಕೈಗಾರಿಕಾ ಸಂಘದ ಅಧ್ಯಕ್ಷ ಗೋಪಿನಾಥ್ ಬಿ. ಹೇಳಿದರು. ನಗರದ ಸಹ್ಯಾದ್ರಿ ಕಾಲೇಜಿನಲ್ಲಿ ಏರ್ಪಡಿಸಿದ್ದ ಅಂತರ್ ಕಾಲೇಜು ರಸಪ್ರಶ್ನೆ ಸ್ಪರ್ಧೆಯನ್ನು ಉದ್ಘಾಟಿಸಿ ಮಾತನಾಡಿದರು. ಇಂತಹ ಸ್ಪರ್ಧೆಗಳು ಯುವಜನರಲ್ಲಿ ಜ್ಞಾನ ವೃದ್ಧಿಗೆ ಪೂರಕವಾಗಿವೆ. ಸಾಮಾನ್ಯ ಜ್ಞಾನ, ಪ್ರಚಲಿತ ವಿದ್ಯಮಾನಗಳ ಬಗ್ಗೆ ತಿಳಿವಳಿಕೆ ಹೆಚ್ಚಿಸುತ್ತವೆ. ವಿದ್ಯಾರ್ಥಿಗಳು ಪಠ್ಯದ ಜೊತೆಗೆ ಸಾಮಾನ್ಯ ಜ್ಞಾನಕ್ಕೆ ಹೆಚ್ಚು ಗಮನ ನೀಡಬೇಕು. ಸ್ಪರ್ಧೆಯಲ್ಲಿ 16 ಕಾಲೇಜುಗಳ ತಂಡಗಳು ಭಾಗವಹಿಸಿದ್ದವು. ವಿಜೇತರಿಗೆ ಬಹುಮಾನ ವಿತರಿಸಲಾಯಿತು. ಕಾಲೇಜಿನ ಪ್ರಾಂಶುಪಾಲರು, ಉಪನ್ಯಾಸಕರು, ಸಂಘದ ಪದಾಧಿಕಾರಿಗಳು ಉಪಸ್ಥಿತರಿದ್ದರು.
• ಶಿವಮೊಗ್ಗ: ಸ್ಪರ್ಧಾತ್ಮಕ ಪರೀಕ್ಷೆಗಳನ್ನು ಎದುರಿಸಲು ಸುಲಭವಾಗಲು ರಸಪ್ರಶ್ನೆಯಂತಹ ಸ್ಪರ್ಧೆಗಳು ಸಹಕಾರಿ ಎಂದು ಜಿಲ್ಲಾ ವಾಣಿಜ್ಯ ಮತ್ತು ಕೈಗಾರಿಕಾ ಸಂಘದ ಅಧ್ಯಕ್ಷ ಗೋಪಿನಾಥ್ ಬಿ. ಹೇಳಿದರು. ನಗರದ ಸಹ್ಯಾದ್ರಿ ಕಾಲೇಜಿನಲ್ಲಿ ಏರ್ಪಡಿಸಿದ್ದ ಅಂತರ್ ಕಾಲೇಜು ರಸಪ್ರಶ್ನೆ ಸ್ಪರ್ಧೆಯನ್ನು ಉದ್ಘಾಟಿಸಿ ಮಾತನಾಡಿದರು. ಇಂತಹ ಸ್ಪರ್ಧೆಗಳು ಯುವಜನರಲ್ಲಿ ಜ್ಞಾನ ವೃದ್ಧಿಗೆ ಪೂರಕವಾಗಿವೆ. ಸಾಮಾನ್ಯ ಜ್ಞಾನ, ಪ್ರಚಲಿತ ವಿದ್ಯಮಾನಗಳ ಬಗ್ಗೆ ತಿಳಿವಳಿಕೆ ಹೆಚ್ಚಿಸುತ್ತವೆ. ವಿದ್ಯಾರ್ಥಿಗಳು ಪಠ್ಯದ ಜೊತೆಗೆ ಸಾಮಾನ್ಯ ಜ್ಞಾನಕ್ಕೆ ಹೆಚ್ಚು ಗಮನ ನೀಡಬೇಕು. ಸ್ಪರ್ಧೆಯಲ್ಲಿ 16 ಕಾಲೇಜುಗಳ ತಂಡಗಳು ಭಾಗವಹಿಸಿದ್ದವು. ವಿಜೇತರಿಗೆ ಬಹುಮಾನ ವಿತರಿಸಲಾಯಿತು. ಕಾಲೇಜಿನ ಪ್ರಾಂಶುಪಾಲರು, ಉಪನ್ಯಾಸಕರು, ಸಂಘದ ಪದಾಧಿಕಾರಿಗಳು ಉಪಸ್ಥಿತರಿದ್ದರು.
• ಶಿವಮೊಗ್ಗ: ಸ್ಪರ್ಧಾತ್ಮಕ ಪರೀಕ್ಷೆಗಳನ್ನು ಎದುರಿಸಲು ಸುಲಭವಾಗಲು ರಸಪ್ರಶ್ನೆಯಂತಹ ಸ್ಪರ್ಧೆಗಳು ಸಹಕಾರಿ ಎಂದು ಜಿಲ್ಲಾ ವಾಣಿಜ್ಯ ಮತ್ತು ಕೈಗಾರಿಕಾ ಸಂಘದ ಅಧ್ಯಕ್ಷ ಗೋಪಿನಾಥ್ ಬಿ. ಹೇಳಿದರು. ನಗರದ ಸಹ್ಯಾದ್ರಿ ಕಾಲೇಜಿನಲ್ಲಿ ಏರ್ಪಡಿಸಿದ್ದ ಅಂತರ್ ಕಾಲೇಜು ರಸಪ್ರಶ್ನೆ ಸ್ಪರ್ಧೆಯನ್ನು ಉದ್ಘಾಟಿಸಿ ಮಾತನಾಡಿದರು. ಇಂತಹ ಸ್ಪರ್ಧೆಗಳು ಯುವಜನರಲ್ಲಿ ಜ್ಞಾನ ವೃದ್ಧಿಗೆ ಪೂರಕವಾಗಿವೆ. ಸಾಮಾನ್ಯ ಜ್ಞಾನ, ಪ್ರಚಲಿತ ವಿದ್ಯಮಾನಗಳ ಬಗ್ಗೆ ತಿಳಿವಳಿಕೆ ಹೆಚ್ಚಿಸುತ್ತವೆ. ವಿದ್ಯಾರ್ಥಿಗಳು ಪಠ್ಯದ ಜೊತೆಗೆ ಸಾಮಾನ್ಯ ಜ್ಞಾನಕ್ಕೆ ಹೆಚ್ಚು ಗಮನ ನೀಡಬೇಕು. ಸ್ಪರ್ಧೆಯಲ್ಲಿ 16 ಕಾಲೇಜುಗಳ ತಂಡಗಳು ಭಾಗವಹಿಸಿದ್ದವು. ವಿಜೇತರಿಗೆ ಬಹುಮಾನ ವಿತರಿಸಲಾಯಿತು. ಕಾಲೇಜಿನ ಪ್ರಾಂಶುಪಾಲರು, ಉಪನ್ಯಾಸಕರು, ಸಂಘದ ಪದಾಧಿಕಾರಿಗಳು ಉಪಸ್ಥಿತರಿದ್ದರು.
ರಾಜ್ಯ ಸರಕಾರಕ್ಕೆ ಸಾಹಿತಿ ಕುಂ. ವೀರಭದ್ರಪ್ಪ ಆಗ್ರಹ
ಅಧ್ಯಕ್ಷ ಸ್ಥಾನದಿಂದ ಮಹೇಶ್ ಜೋಷಿಯನ್ನು ಕೆಳಗಿಳಿಸಿ
• ಶಿವಮೊಗ್ಗ: ಕನ್ನಡ ಸಾಹಿತ್ಯ ಪರಿಷತ್ತು ವ್ಯಕ್ತಿ ಕೇಂದ್ರಿತವಾಗುತ್ತಿದೆ. ಪರಿಷತ್ತಿನ ಘನತೆ ಕಾಪಾಡಬೇಕಾದರೆ ಕೂಡಲೇ ಮಹೇಶ್ ಜೋಷಿ ಅವರನ್ನು ಅಧ್ಯಕ್ಷ ಸ್ಥಾನದಿಂದ ಕೆಳಗಿಳಿಸಬೇಕು ಎಂದು ಸಾಹಿತಿ ಕುಂ. ವೀರಭದ್ರಪ್ಪ ಆಗ್ರಹಿಸಿದರು. ನಗರದಲ್ಲಿ ಸುದ್ದಿಗೋಷ್ಠಿಯಲ್ಲಿ ಮಾತನಾಡಿದ ಅವರು, 134 ವರ್ಷಗಳ ಇತಿಹಾಸ ಇರುವ ಪರಿಷತ್ತಿನಲ್ಲಿ ಇಂತಹ ಬೆಳವಣಿಗೆ ಆಗಬಾರದು. ಸದಸ್ಯರ ಹಕ್ಕುಗಳನ್ನು ಕಸಿದುಕೊಳ್ಳಲಾಗುತ್ತಿದೆ. ಬೈಲಾ ತಿದ್ದುಪಡಿ ಮೂಲಕ ಅಧಿಕಾರ ಕೇಂದ್ರೀಕರಣ ಮಾಡಲಾಗುತ್ತಿದೆ. ರಾಜ್ಯ ಸರ್ಕಾರ ಕೂಡಲೇ ಮಧ್ಯಪ್ರವೇಶಿಸಿ ಆಡಳಿತಾಧಿಕಾರಿ ನೇಮಕ ಮಾಡಬೇಕು. ಕನ್ನಡ ಸಾಹಿತ್ಯ ಪರಿಷತ್ತಿನ ಸ್ವಾಯತ್ತತೆ ಉಳಿಸಬೇಕು ಎಂದರು. ಶಿವಮೊಗ್ಗ ಜಿಲ್ಲಾ ಕನ್ನಡ ಸಾಹಿತ್ಯ ಪರಿಷತ್ತಿನ ಅಧ್ಯಕ್ಷ ಡಿ. ಮಂಜುನಾಥ್ ಮತ್ತಿತರರು ಉಪಸ್ಥಿತರಿದ್ದರು.
